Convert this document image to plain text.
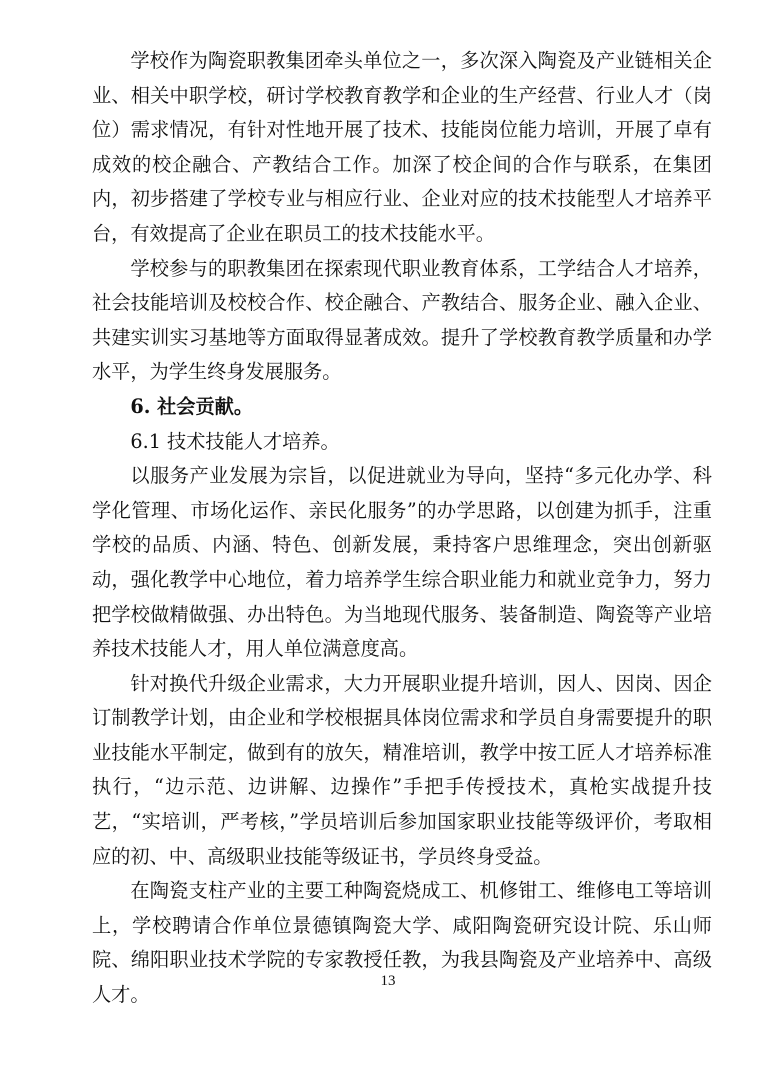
学校作为陶瓷职教集团牵头单位之一，多次深入陶瓷及产业链相关企业、相关中职学校，研讨学校教育教学和企业的生产经营、行业人才（岗位）需求情况，有针对性地开展了技术、技能岗位能力培训，开展了卓有成效的校企融合、产教结合工作。加深了校企间的合作与联系，在集团内，初步搭建了学校专业与相应行业、企业对应的技术技能型人才培养平台，有效提高了企业在职员工的技术技能水平。

学校参与的职教集团在探索现代职业教育体系，工学结合人才培养，社会技能培训及校校合作、校企融合、产教结合、服务企业、融入企业、共建实训实习基地等方面取得显著成效。提升了学校教育教学质量和办学水平，为学生终身发展服务。

6. 社会贡献。

6.1 技术技能人才培养。

以服务产业发展为宗旨，以促进就业为导向，坚持“多元化办学、科学化管理、市场化运作、亲民化服务”的办学思路，以创建为抓手，注重学校的品质、内涵、特色、创新发展，秉持客户思维理念，突出创新驱动，强化教学中心地位，着力培养学生综合职业能力和就业竞争力，努力把学校做精做强、办出特色。为当地现代服务、装备制造、陶瓷等产业培养技术技能人才，用人单位满意度高。

针对换代升级企业需求，大力开展职业提升培训，因人、因岗、因企订制教学计划，由企业和学校根据具体岗位需求和学员自身需要提升的职业技能水平制定，做到有的放矢，精准培训，教学中按工匠人才培养标准执行，“边示范、边讲解、边操作”手把手传授技术，真枪实战提升技艺，“实培训，严考核，”学员培训后参加国家职业技能等级评价，考取相应的初、中、高级职业技能等级证书，学员终身受益。

在陶瓷支柱产业的主要工种陶瓷烧成工、机修钳工、维修电工等培训上，学校聘请合作单位景德镇陶瓷大学、咸阳陶瓷研究设计院、乐山师院、绵阳职业技术学院的专家教授任教，为我县陶瓷及产业培养中、高级人才。

13
